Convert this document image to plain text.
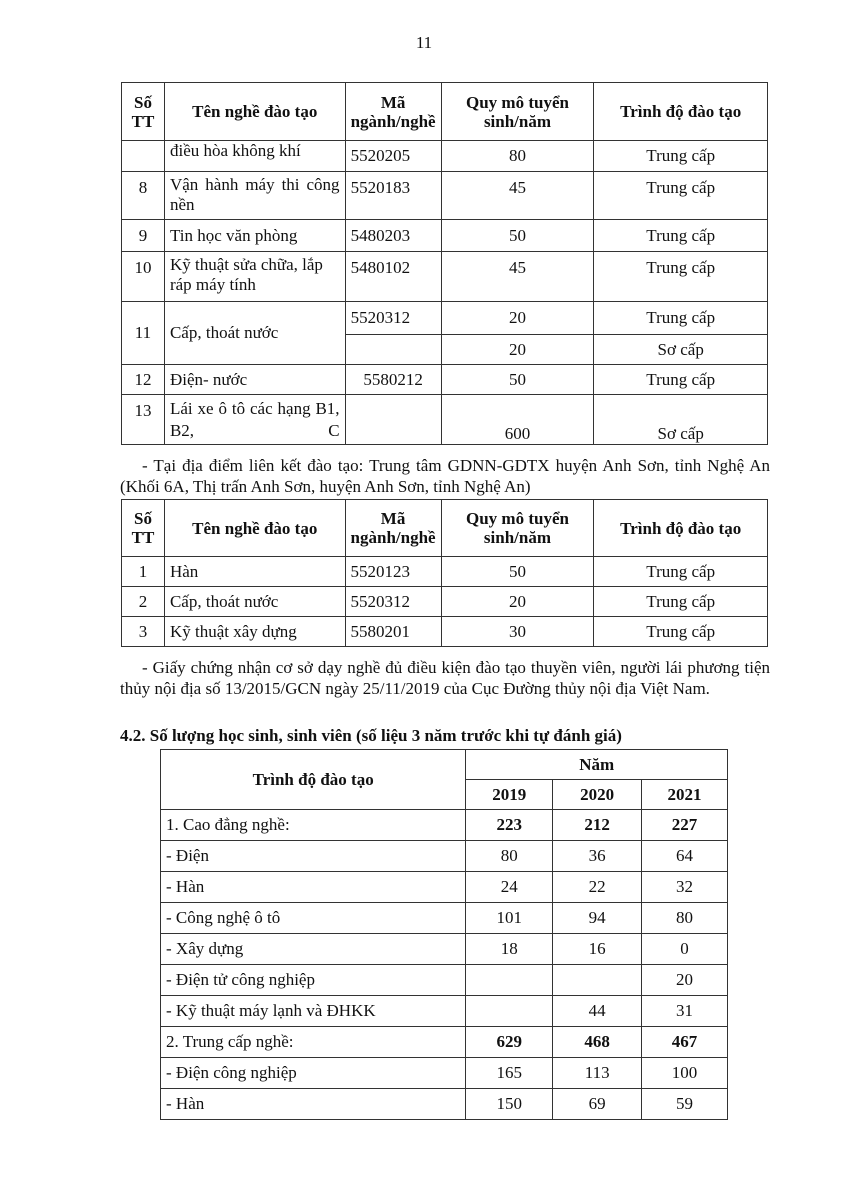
11
Số TT	Tên nghề đào tạo	Mã ngành/nghề	Quy mô tuyển sinh/năm	Trình độ đào tạo
	điều hòa không khí	5520205	80	Trung cấp
8	Vận hành máy thi công nền	5520183	45	Trung cấp
9	Tin học văn phòng	5480203	50	Trung cấp
10	Kỹ thuật sửa chữa, lắp ráp máy tính	5480102	45	Trung cấp
11	Cấp, thoát nước	5520312	20	Trung cấp
			20	Sơ cấp
12	Điện- nước	5580212	50	Trung cấp
13	Lái xe ô tô các hạng B1, B2, C		600	Sơ cấp
- Tại địa điểm liên kết đào tạo: Trung tâm GDNN-GDTX huyện Anh Sơn, tỉnh Nghệ An (Khối 6A, Thị trấn Anh Sơn, huyện Anh Sơn, tỉnh Nghệ An)
Số TT	Tên nghề đào tạo	Mã ngành/nghề	Quy mô tuyển sinh/năm	Trình độ đào tạo
1	Hàn	5520123	50	Trung cấp
2	Cấp, thoát nước	5520312	20	Trung cấp
3	Kỹ thuật xây dựng	5580201	30	Trung cấp
- Giấy chứng nhận cơ sở dạy nghề đủ điều kiện đào tạo thuyền viên, người lái phương tiện thủy nội địa số 13/2015/GCN ngày 25/11/2019 của Cục Đường thủy nội địa Việt Nam.
4.2. Số lượng học sinh, sinh viên (số liệu 3 năm trước khi tự đánh giá)
Trình độ đào tạo	Năm		
	2019	2020	2021
1. Cao đẳng nghề:	223	212	227
- Điện	80	36	64
- Hàn	24	22	32
- Công nghệ ô tô	101	94	80
- Xây dựng	18	16	0
- Điện tử công nghiệp			20
- Kỹ thuật máy lạnh và ĐHKK		44	31
2. Trung cấp nghề:	629	468	467
- Điện công nghiệp	165	113	100
- Hàn	150	69	59
